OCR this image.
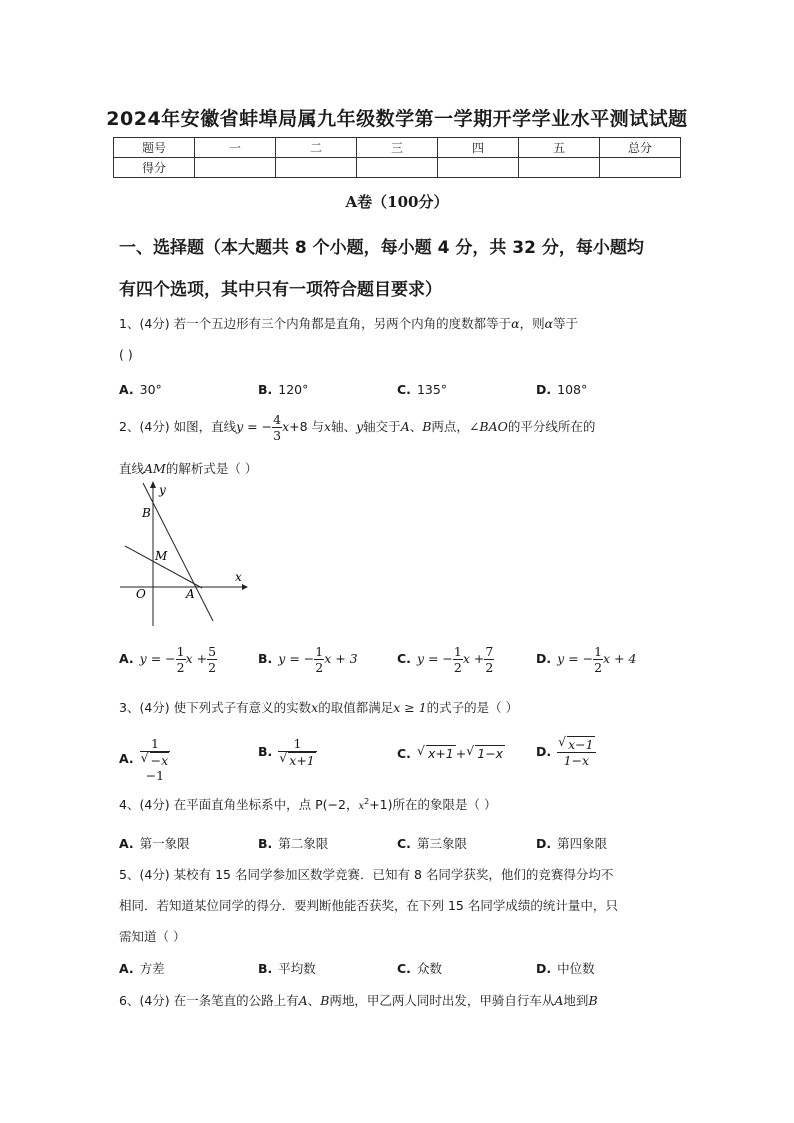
2024年安徽省蚌埠局属九年级数学第一学期开学学业水平测试试题
题号	一	二	三	四	五	总分
得分						
A卷（100分）
一、选择题（本大题共 8 个小题，每小题 4 分，共 32 分，每小题均
有四个选项，其中只有一项符合题目要求）
1、(4分) 若一个五边形有三个内角都是直角，另两个内角的度数都等于α，则α等于
( )
A. 30°	B. 120°	C. 135°	D. 108°
2、(4分) 如图，直线y = − $\frac{4}{3} x+8$ 与x轴、y轴交于A、B两点，∠BAO的平分线所在的
直线AM的解析式是（ ）
y
x
B
M
O	A
A. y = − $\frac{1}{2}$ $x + \frac{5}{2}$	B. y = − $\frac{1}{2}$ x + 3	C. y = − $\frac{1}{2}$ $x + \frac{7}{2}$	D. y = − $\frac{1}{2}$ x + 4
3、(4分) 使下列式子有意义的实数x的取值都满足x ≥ 1的式子的是（ ）
A. 1
√ −x
−1	B. 1
√ x+1	C. √ x+1 + √ 1−x	D. √ $\frac{x-1}{1-x}$
4、(4分) 在平面直角坐标系中，点 P(−2，$x^2+1$)所在的象限是（ ）
A. 第一象限	B. 第二象限	C. 第三象限	D. 第四象限
5、(4分) 某校有 15 名同学参加区数学竞赛．已知有 8 名同学获奖，他们的竞赛得分均不
相同．若知道某位同学的得分．要判断他能否获奖，在下列 15 名同学成绩的统计量中，只
需知道（ ）
A. 方差	B. 平均数	C. 众数	D. 中位数
6、(4分) 在一条笔直的公路上有A、B两地，甲乙两人同时出发，甲骑自行车从A地到B
